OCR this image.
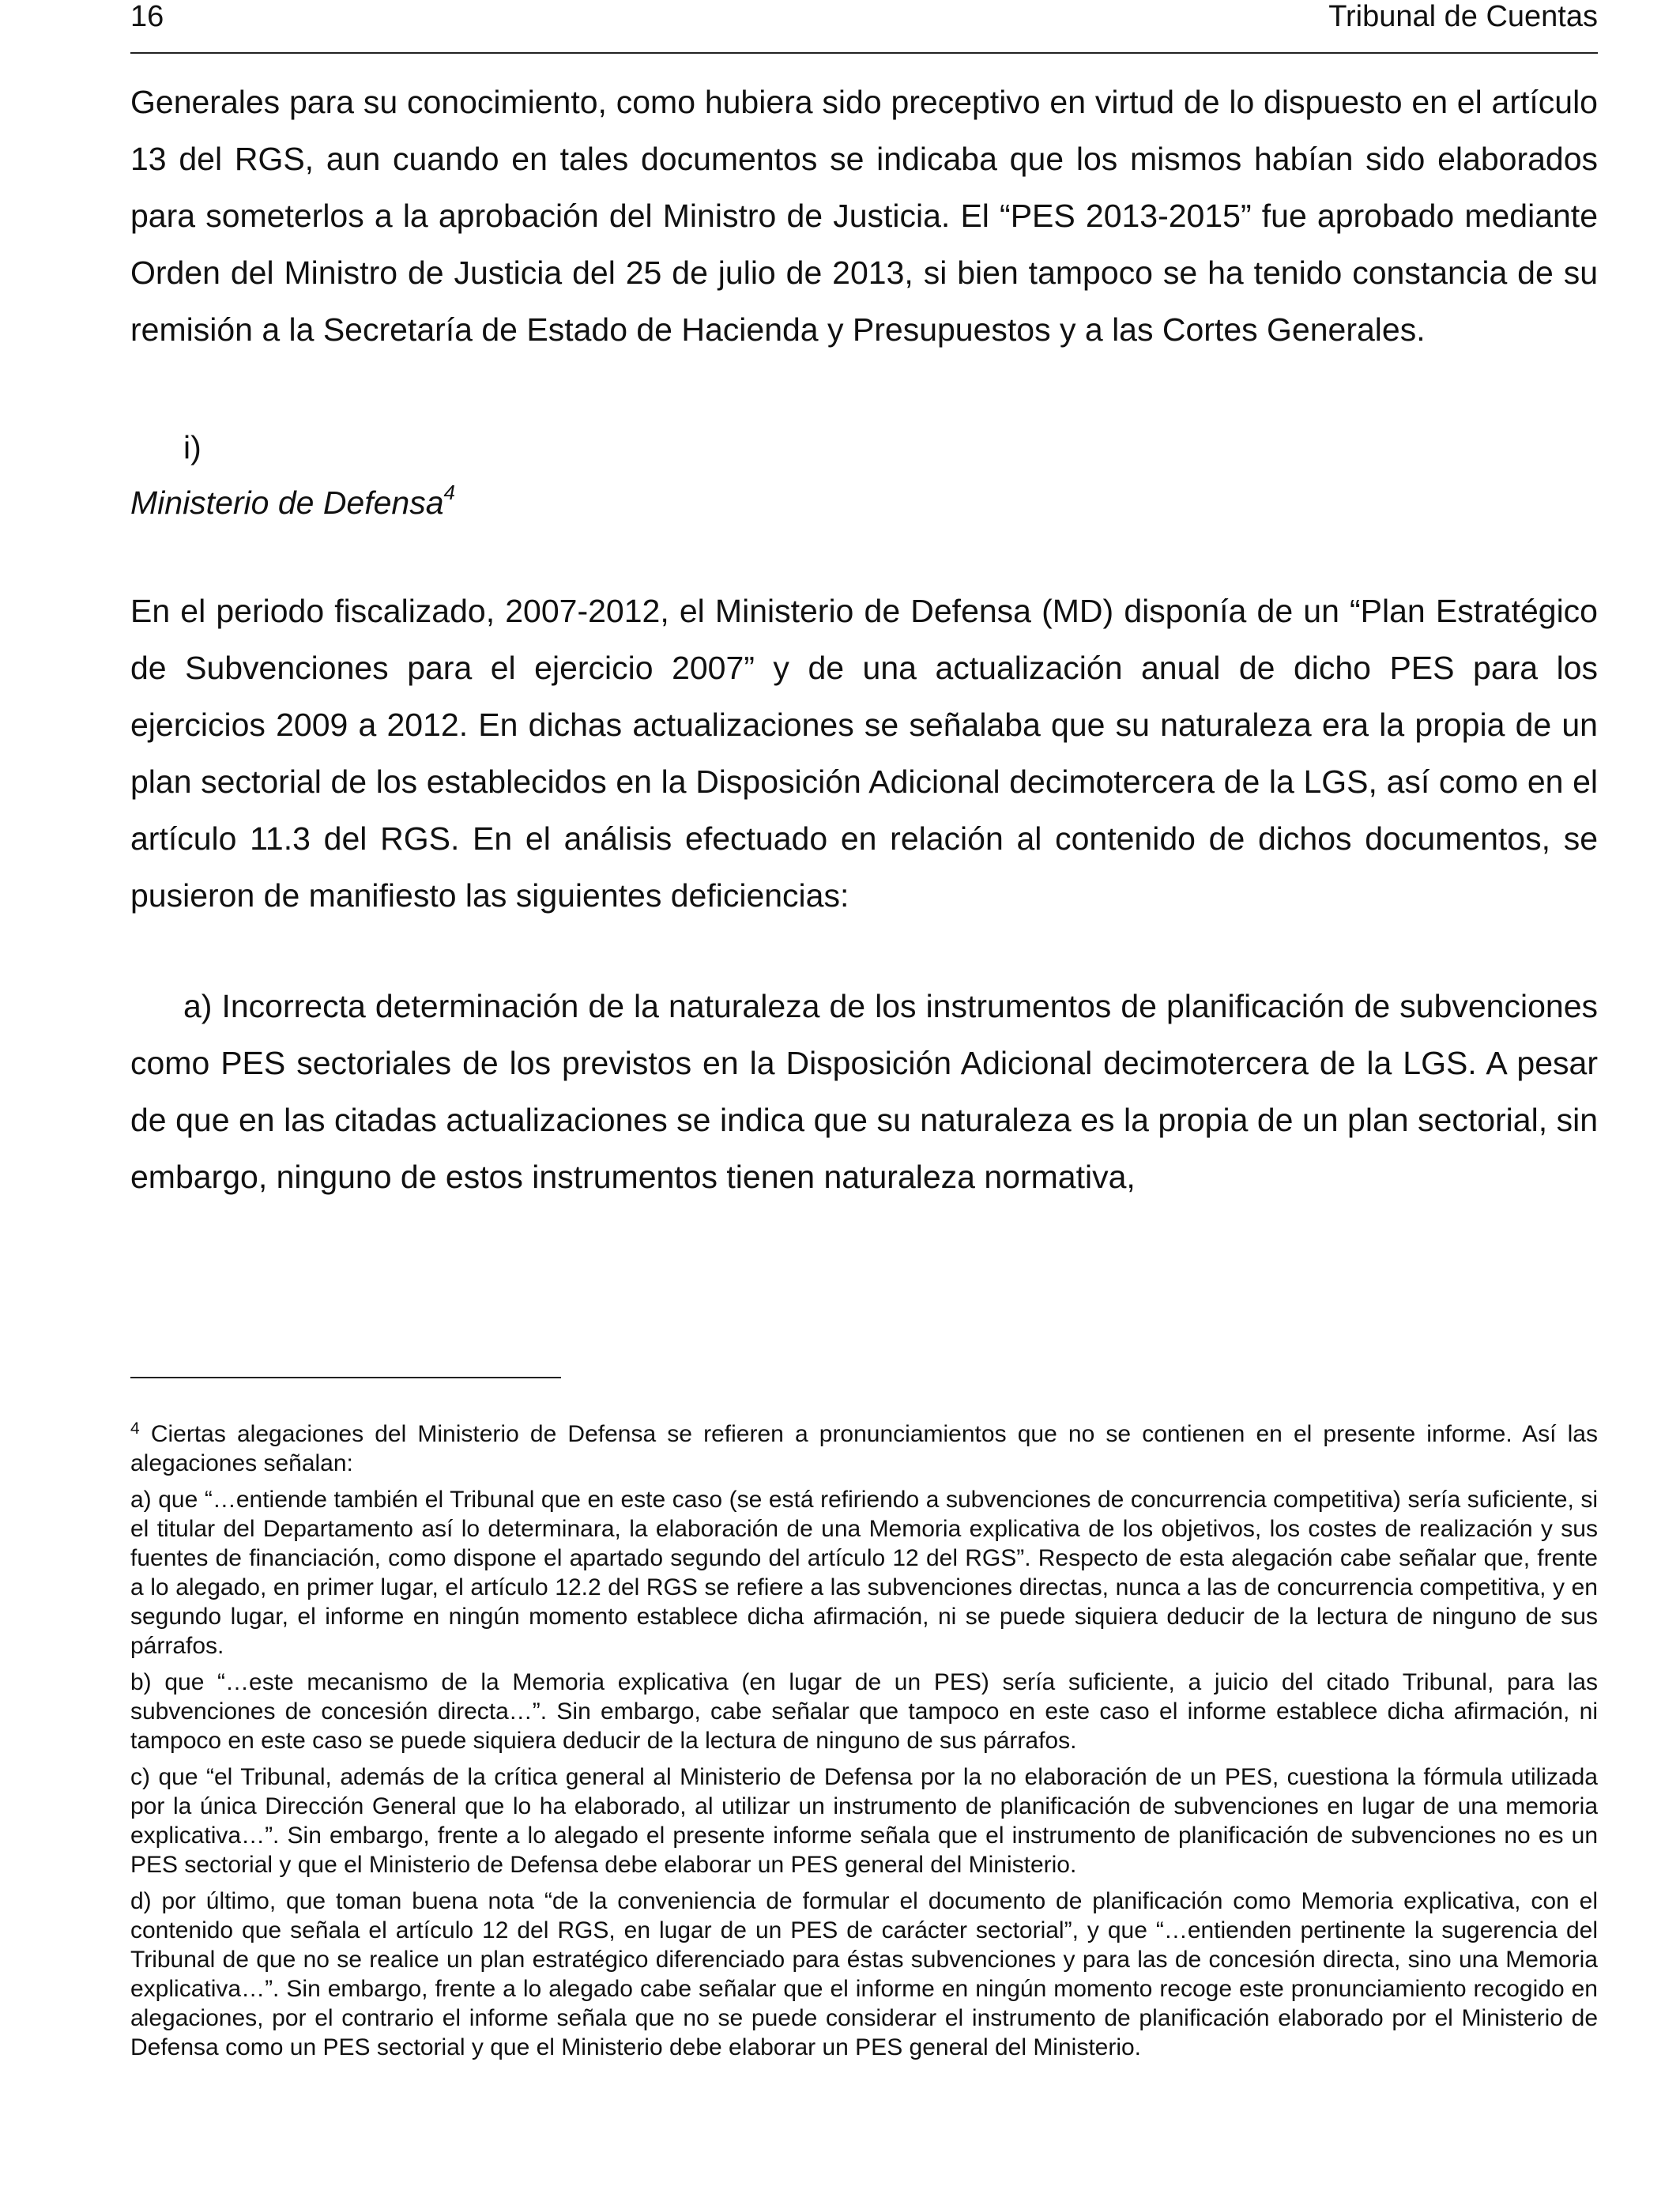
16	Tribunal de Cuentas

Generales para su conocimiento, como hubiera sido preceptivo en virtud de lo dispuesto en el artículo 13 del RGS, aun cuando en tales documentos se indicaba que los mismos habían sido elaborados para someterlos a la aprobación del Ministro de Justicia. El “PES 2013-2015” fue aprobado mediante Orden del Ministro de Justicia del 25 de julio de 2013, si bien tampoco se ha tenido constancia de su remisión a la Secretaría de Estado de Hacienda y Presupuestos y a las Cortes Generales.

i)
Ministerio de Defensa$^4$

En el periodo fiscalizado, 2007-2012, el Ministerio de Defensa (MD) disponía de un “Plan Estratégico de Subvenciones para el ejercicio 2007” y de una actualización anual de dicho PES para los ejercicios 2009 a 2012. En dichas actualizaciones se señalaba que su naturaleza era la propia de un plan sectorial de los establecidos en la Disposición Adicional decimotercera de la LGS, así como en el artículo 11.3 del RGS. En el análisis efectuado en relación al contenido de dichos documentos, se pusieron de manifiesto las siguientes deficiencias:

a) Incorrecta determinación de la naturaleza de los instrumentos de planificación de subvenciones como PES sectoriales de los previstos en la Disposición Adicional decimotercera de la LGS. A pesar de que en las citadas actualizaciones se indica que su naturaleza es la propia de un plan sectorial, sin embargo, ninguno de estos instrumentos tienen naturaleza normativa,

$^4$ Ciertas alegaciones del Ministerio de Defensa se refieren a pronunciamientos que no se contienen en el presente informe. Así las alegaciones señalan:

a) que “…entiende también el Tribunal que en este caso (se está refiriendo a subvenciones de concurrencia competitiva) sería suficiente, si el titular del Departamento así lo determinara, la elaboración de una Memoria explicativa de los objetivos, los costes de realización y sus fuentes de financiación, como dispone el apartado segundo del artículo 12 del RGS”. Respecto de esta alegación cabe señalar que, frente a lo alegado, en primer lugar, el artículo 12.2 del RGS se refiere a las subvenciones directas, nunca a las de concurrencia competitiva, y en segundo lugar, el informe en ningún momento establece dicha afirmación, ni se puede siquiera deducir de la lectura de ninguno de sus párrafos.

b) que “…este mecanismo de la Memoria explicativa (en lugar de un PES) sería suficiente, a juicio del citado Tribunal, para las subvenciones de concesión directa…”. Sin embargo, cabe señalar que tampoco en este caso el informe establece dicha afirmación, ni tampoco en este caso se puede siquiera deducir de la lectura de ninguno de sus párrafos.

c) que “el Tribunal, además de la crítica general al Ministerio de Defensa por la no elaboración de un PES, cuestiona la fórmula utilizada por la única Dirección General que lo ha elaborado, al utilizar un instrumento de planificación de subvenciones en lugar de una memoria explicativa…”. Sin embargo, frente a lo alegado el presente informe señala que el instrumento de planificación de subvenciones no es un PES sectorial y que el Ministerio de Defensa debe elaborar un PES general del Ministerio.

d) por último, que toman buena nota “de la conveniencia de formular el documento de planificación como Memoria explicativa, con el contenido que señala el artículo 12 del RGS, en lugar de un PES de carácter sectorial”, y que “…entienden pertinente la sugerencia del Tribunal de que no se realice un plan estratégico diferenciado para éstas subvenciones y para las de concesión directa, sino una Memoria explicativa…”. Sin embargo, frente a lo alegado cabe señalar que el informe en ningún momento recoge este pronunciamiento recogido en alegaciones, por el contrario el informe señala que no se puede considerar el instrumento de planificación elaborado por el Ministerio de Defensa como un PES sectorial y que el Ministerio debe elaborar un PES general del Ministerio.
